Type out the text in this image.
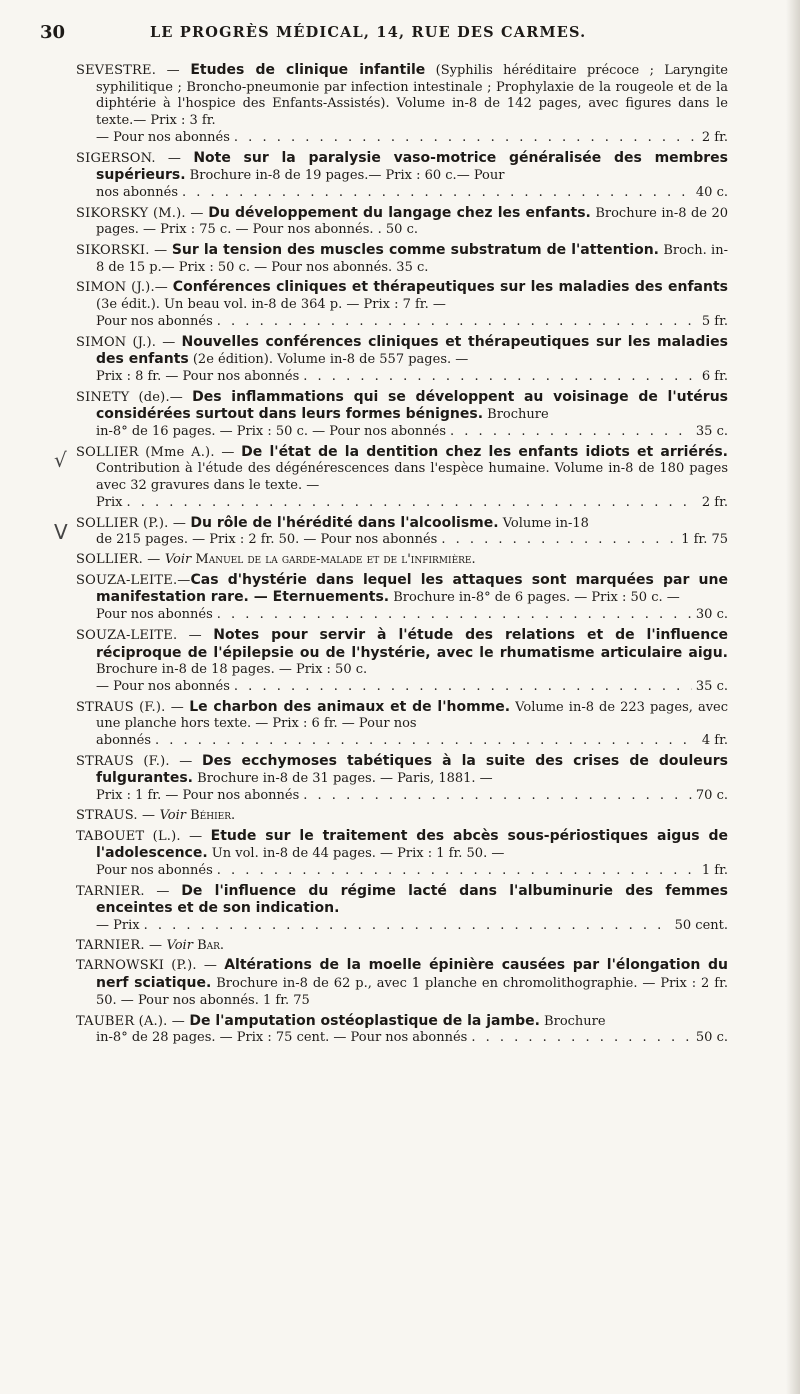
30	LE PROGRÈS MÉDICAL, 14, RUE DES CARMES.
√
V
SEVESTRE. — Etudes de clinique infantile (Syphilis héréditaire précoce ; Laryngite syphilitique ; Broncho-pneumonie par infection intestinale ; Prophylaxie de la rougeole et de la diphtérie à l'hospice des Enfants-Assistés). Volume in-8 de 142 pages, avec figures dans le texte.— Prix : 3 fr.
— Pour nos abonnés . . .	2 fr.
SIGERSON. — Note sur la paralysie vaso-motrice généralisée des membres supérieurs. Brochure in-8 de 19 pages.— Prix : 60 c.— Pour
nos abonnés . . .	40 c.
SIKORSKY (M.). — Du développement du langage chez les enfants. Brochure in-8 de 20 pages. — Prix : 75 c. — Pour nos abonnés. . 50 c.
SIKORSKI. — Sur la tension des muscles comme substratum de l'attention. Broch. in-8 de 15 p.— Prix : 50 c. — Pour nos abonnés. 35 c.
SIMON (J.).— Conférences cliniques et thérapeutiques sur les maladies des enfants (3e édit.). Un beau vol. in-8 de 364 p. — Prix : 7 fr. —
Pour nos abonnés . . .	5 fr.
SIMON (J.). — Nouvelles conférences cliniques et thérapeutiques sur les maladies des enfants (2e édition). Volume in-8 de 557 pages. —
Prix : 8 fr. — Pour nos abonnés . . .	6 fr.
SINETY (de).— Des inflammations qui se développent au voisinage de l'utérus considérées surtout dans leurs formes bénignes. Brochure
in-8° de 16 pages. — Prix : 50 c. — Pour nos abonnés . . .	35 c.
SOLLIER (Mme A.). — De l'état de la dentition chez les enfants idiots et arriérés. Contribution à l'étude des dégénérescences dans l'espèce humaine. Volume in-8 de 180 pages avec 32 gravures dans le texte. —
Prix . . .	2 fr.
SOLLIER (P.). — Du rôle de l'hérédité dans l'alcoolisme. Volume in-18
de 215 pages. — Prix : 2 fr. 50. — Pour nos abonnés . . .	1 fr. 75
SOLLIER. — Voir Manuel de la garde-malade et de l'infirmière.
SOUZA-LEITE.—Cas d'hystérie dans lequel les attaques sont marquées par une manifestation rare. — Eternuements. Brochure in-8° de 6 pages. — Prix : 50 c. —
Pour nos abonnés . . .	30 c.
SOUZA-LEITE. — Notes pour servir à l'étude des relations et de l'influence réciproque de l'épilepsie ou de l'hystérie, avec le rhumatisme articulaire aigu. Brochure in-8 de 18 pages. — Prix : 50 c.
— Pour nos abonnés . . .	35 c.
STRAUS (F.). — Le charbon des animaux et de l'homme. Volume in-8 de 223 pages, avec une planche hors texte. — Prix : 6 fr. — Pour nos
abonnés . . .	4 fr.
STRAUS (F.). — Des ecchymoses tabétiques à la suite des crises de douleurs fulgurantes. Brochure in-8 de 31 pages. — Paris, 1881. —
Prix : 1 fr. — Pour nos abonnés . . .	70 c.
STRAUS. — Voir Béhier.
TABOUET (L.). — Etude sur le traitement des abcès sous-périostiques aigus de l'adolescence. Un vol. in-8 de 44 pages. — Prix : 1 fr. 50. —
Pour nos abonnés . . .	1 fr.
TARNIER. — De l'influence du régime lacté dans l'albuminurie des femmes enceintes et de son indication.
— Prix . . .	50 cent.
TARNIER. — Voir Bar.
TARNOWSKI (P.). — Altérations de la moelle épinière causées par l'élongation du nerf sciatique. Brochure in-8 de 62 p., avec 1 planche en chromolithographie. — Prix : 2 fr. 50. — Pour nos abonnés. 1 fr. 75
TAUBER (A.). — De l'amputation ostéoplastique de la jambe. Brochure
in-8° de 28 pages. — Prix : 75 cent. — Pour nos abonnés . . .	50 c.
